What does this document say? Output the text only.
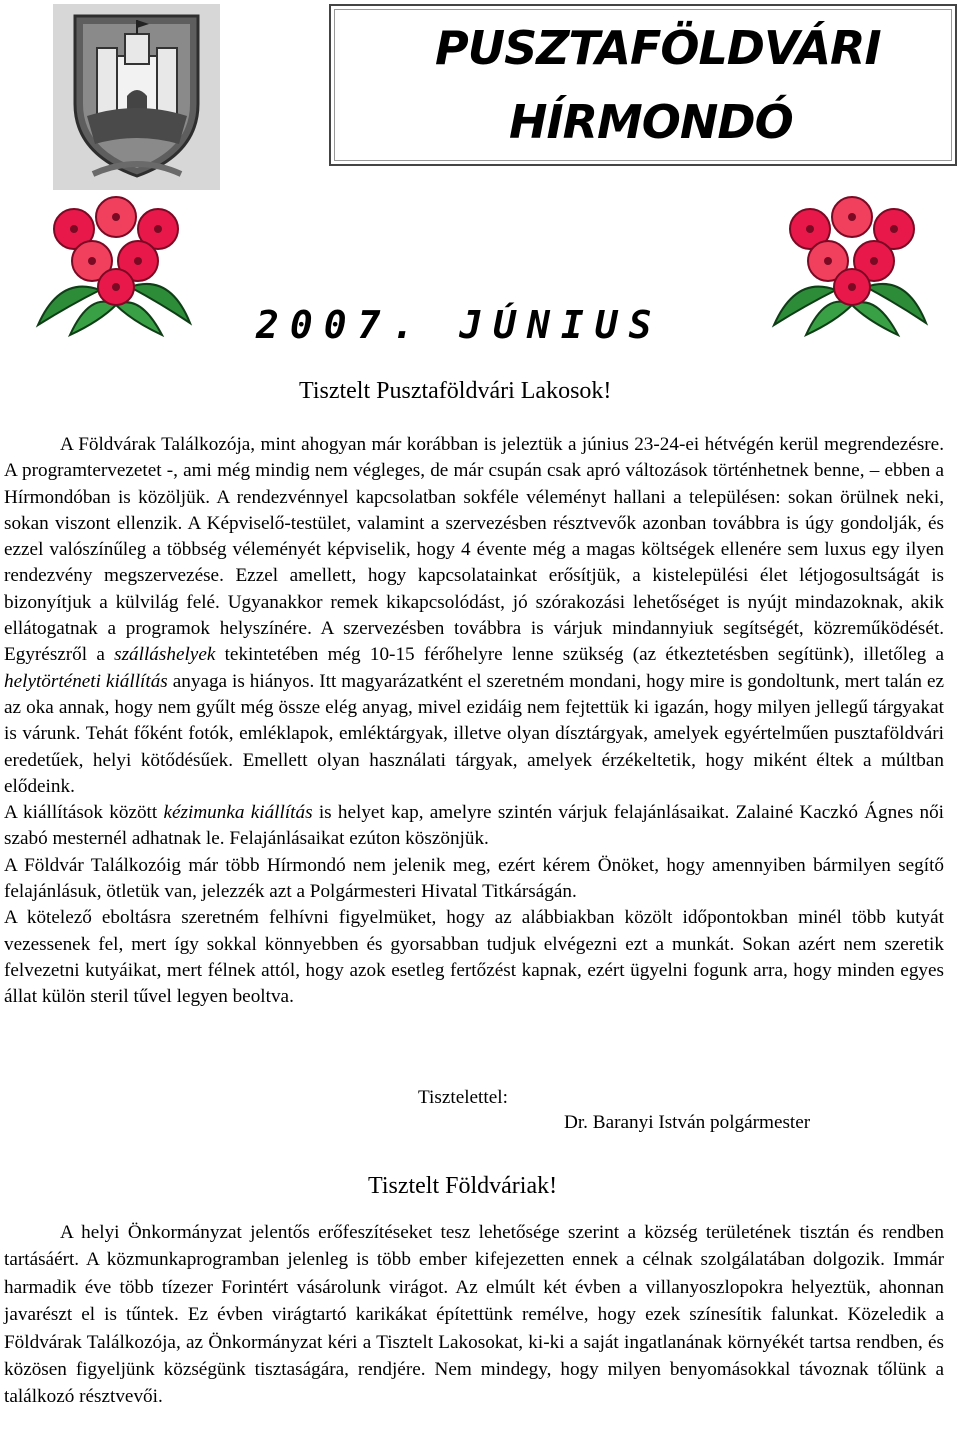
PUSZTAFÖLDVÁRI
HÍRMONDÓ
2007. JÚNIUS
Tisztelt Pusztaföldvári Lakosok!

A Földvárak Találkozója, mint ahogyan már korábban is jeleztük a június 23-24-ei hétvégén kerül megrendezésre. A programtervezetet -, ami még mindig nem végleges, de már csupán csak apró változások történhetnek benne, – ebben a Hírmondóban is közöljük. A rendezvénnyel kapcsolatban sokféle véleményt hallani a településen: sokan örülnek neki, sokan viszont ellenzik. A Képviselő-testület, valamint a szervezésben résztvevők azonban továbbra is úgy gondolják, és ezzel valószínűleg a többség véleményét képviselik, hogy 4 évente még a magas költségek ellenére sem luxus egy ilyen rendezvény megszervezése. Ezzel amellett, hogy kapcsolatainkat erősítjük, a kistelepülési élet létjogosultságát is bizonyítjuk a külvilág felé. Ugyanakkor remek kikapcsolódást, jó szórakozási lehetőséget is nyújt mindazoknak, akik ellátogatnak a programok helyszínére. A szervezésben továbbra is várjuk mindannyiuk segítségét, közreműködését. Egyrészről a szálláshelyek tekintetében még 10-15 férőhelyre lenne szükség (az étkeztetésben segítünk), illetőleg a helytörténeti kiállítás anyaga is hiányos. Itt magyarázatként el szeretném mondani, hogy mire is gondoltunk, mert talán ez az oka annak, hogy nem gyűlt még össze elég anyag, mivel ezidáig nem fejtettük ki igazán, hogy milyen jellegű tárgyakat is várunk. Tehát főként fotók, emléklapok, emléktárgyak, illetve olyan dísztárgyak, amelyek egyértelműen pusztaföldvári eredetűek, helyi kötődésűek. Emellett olyan használati tárgyak, amelyek érzékeltetik, hogy miként éltek a múltban elődeink.

A kiállítások között kézimunka kiállítás is helyet kap, amelyre szintén várjuk felajánlásaikat. Zalainé Kaczkó Ágnes női szabó mesternél adhatnak le. Felajánlásaikat ezúton köszönjük.

A Földvár Találkozóig már több Hírmondó nem jelenik meg, ezért kérem Önöket, hogy amennyiben bármilyen segítő felajánlásuk, ötletük van, jelezzék azt a Polgármesteri Hivatal Titkárságán.

A kötelező eboltásra szeretném felhívni figyelmüket, hogy az alábbiakban közölt időpontokban minél több kutyát vezessenek fel, mert így sokkal könnyebben és gyorsabban tudjuk elvégezni ezt a munkát. Sokan azért nem szeretik felvezetni kutyáikat, mert félnek attól, hogy azok esetleg fertőzést kapnak, ezért ügyelni fogunk arra, hogy minden egyes állat külön steril tűvel legyen beoltva.

Tisztelettel:
Dr. Baranyi István polgármester
Tisztelt Földváriak!

A helyi Önkormányzat jelentős erőfeszítéseket tesz lehetősége szerint a község területének tisztán és rendben tartásáért. A közmunkaprogramban jelenleg is több ember kifejezetten ennek a célnak szolgálatában dolgozik. Immár harmadik éve több tízezer Forintért vásárolunk virágot. Az elmúlt két évben a villanyoszlopokra helyeztük, ahonnan javarészt el is tűntek. Ez évben virágtartó karikákat építettünk remélve, hogy ezek színesítik falunkat. Közeledik a Földvárak Találkozója, az Önkormányzat kéri a Tisztelt Lakosokat, ki-ki a saját ingatlanának környékét tartsa rendben, és közösen figyeljünk községünk tisztaságára, rendjére. Nem mindegy, hogy milyen benyomásokkal távoznak tőlünk a találkozó résztvevői.
